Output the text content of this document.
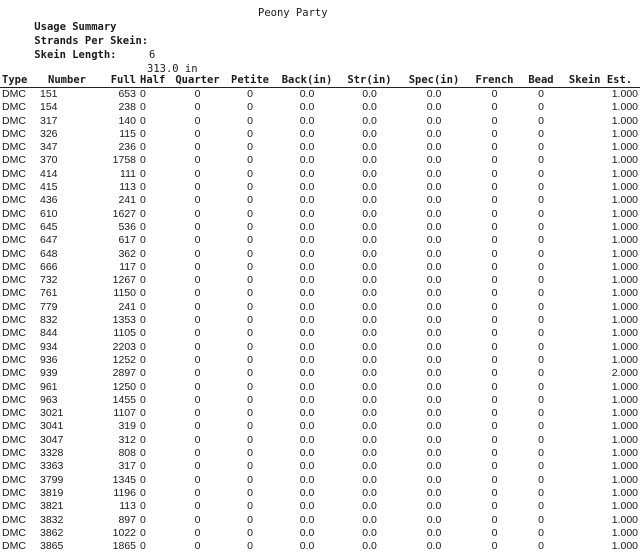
Usage Summary

Strands Per Skein:

6

Skein Length:

313.0 in

Peony Party
Type	Number	Full	Half	Quarter	Petite	Back(in)	Str(in)	Spec(in)	French	Bead	Skein Est.
DMC	151	653	0	0	0	0.0	0.0	0.0	0	0	1.000
DMC	154	238	0	0	0	0.0	0.0	0.0	0	0	1.000
DMC	317	140	0	0	0	0.0	0.0	0.0	0	0	1.000
DMC	326	115	0	0	0	0.0	0.0	0.0	0	0	1.000
DMC	347	236	0	0	0	0.0	0.0	0.0	0	0	1.000
DMC	370	1758	0	0	0	0.0	0.0	0.0	0	0	1.000
DMC	414	111	0	0	0	0.0	0.0	0.0	0	0	1.000
DMC	415	113	0	0	0	0.0	0.0	0.0	0	0	1.000
DMC	436	241	0	0	0	0.0	0.0	0.0	0	0	1.000
DMC	610	1627	0	0	0	0.0	0.0	0.0	0	0	1.000
DMC	645	536	0	0	0	0.0	0.0	0.0	0	0	1.000
DMC	647	617	0	0	0	0.0	0.0	0.0	0	0	1.000
DMC	648	362	0	0	0	0.0	0.0	0.0	0	0	1.000
DMC	666	117	0	0	0	0.0	0.0	0.0	0	0	1.000
DMC	732	1267	0	0	0	0.0	0.0	0.0	0	0	1.000
DMC	761	1150	0	0	0	0.0	0.0	0.0	0	0	1.000
DMC	779	241	0	0	0	0.0	0.0	0.0	0	0	1.000
DMC	832	1353	0	0	0	0.0	0.0	0.0	0	0	1.000
DMC	844	1105	0	0	0	0.0	0.0	0.0	0	0	1.000
DMC	934	2203	0	0	0	0.0	0.0	0.0	0	0	1.000
DMC	936	1252	0	0	0	0.0	0.0	0.0	0	0	1.000
DMC	939	2897	0	0	0	0.0	0.0	0.0	0	0	2.000
DMC	961	1250	0	0	0	0.0	0.0	0.0	0	0	1.000
DMC	963	1455	0	0	0	0.0	0.0	0.0	0	0	1.000
DMC	3021	1107	0	0	0	0.0	0.0	0.0	0	0	1.000
DMC	3041	319	0	0	0	0.0	0.0	0.0	0	0	1.000
DMC	3047	312	0	0	0	0.0	0.0	0.0	0	0	1.000
DMC	3328	808	0	0	0	0.0	0.0	0.0	0	0	1.000
DMC	3363	317	0	0	0	0.0	0.0	0.0	0	0	1.000
DMC	3799	1345	0	0	0	0.0	0.0	0.0	0	0	1.000
DMC	3819	1196	0	0	0	0.0	0.0	0.0	0	0	1.000
DMC	3821	113	0	0	0	0.0	0.0	0.0	0	0	1.000
DMC	3832	897	0	0	0	0.0	0.0	0.0	0	0	1.000
DMC	3862	1022	0	0	0	0.0	0.0	0.0	0	0	1.000
DMC	3865	1865	0	0	0	0.0	0.0	0.0	0	0	1.000
